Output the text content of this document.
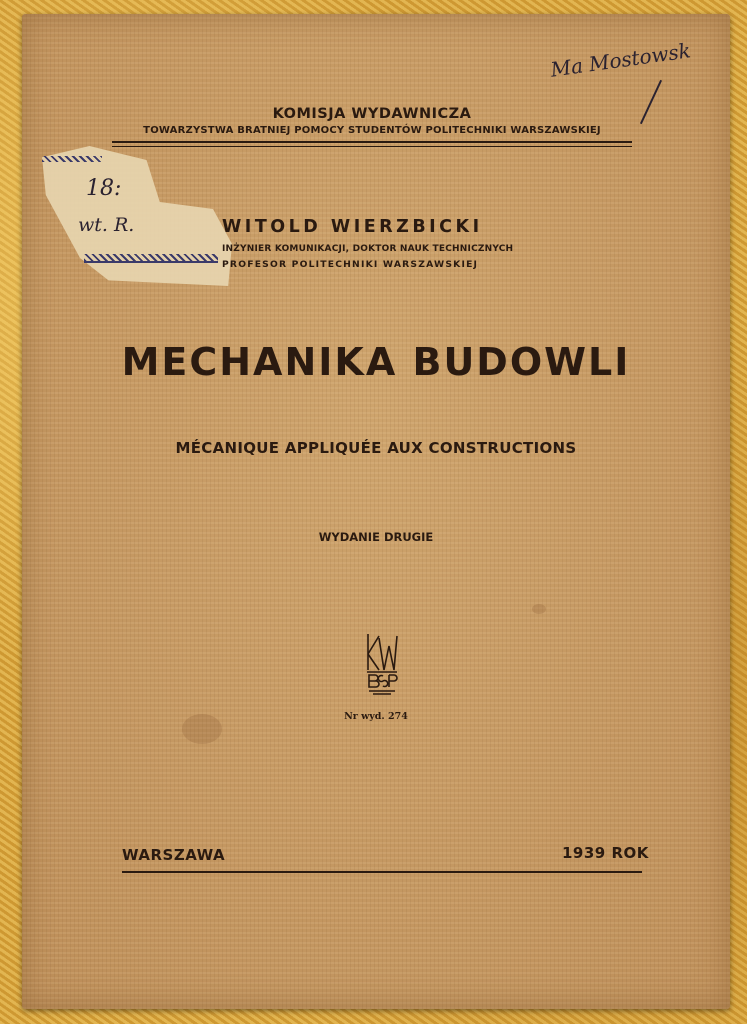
Ma Mostowsk
KOMISJA WYDAWNICZA
TOWARZYSTWA BRATNIEJ POMOCY STUDENTÓW POLITECHNIKI WARSZAWSKIEJ
18:
wt. R.	WITOLD WIERZBICKI
INŻYNIER KOMUNIKACJI, DOKTOR NAUK TECHNICZNYCH
PROFESOR POLITECHNIKI WARSZAWSKIEJ
MECHANIKA BUDOWLI
MÉCANIQUE APPLIQUÉE AUX CONSTRUCTIONS
WYDANIE DRUGIE
Nr wyd. 274
WARSZAWA	1939 ROK
